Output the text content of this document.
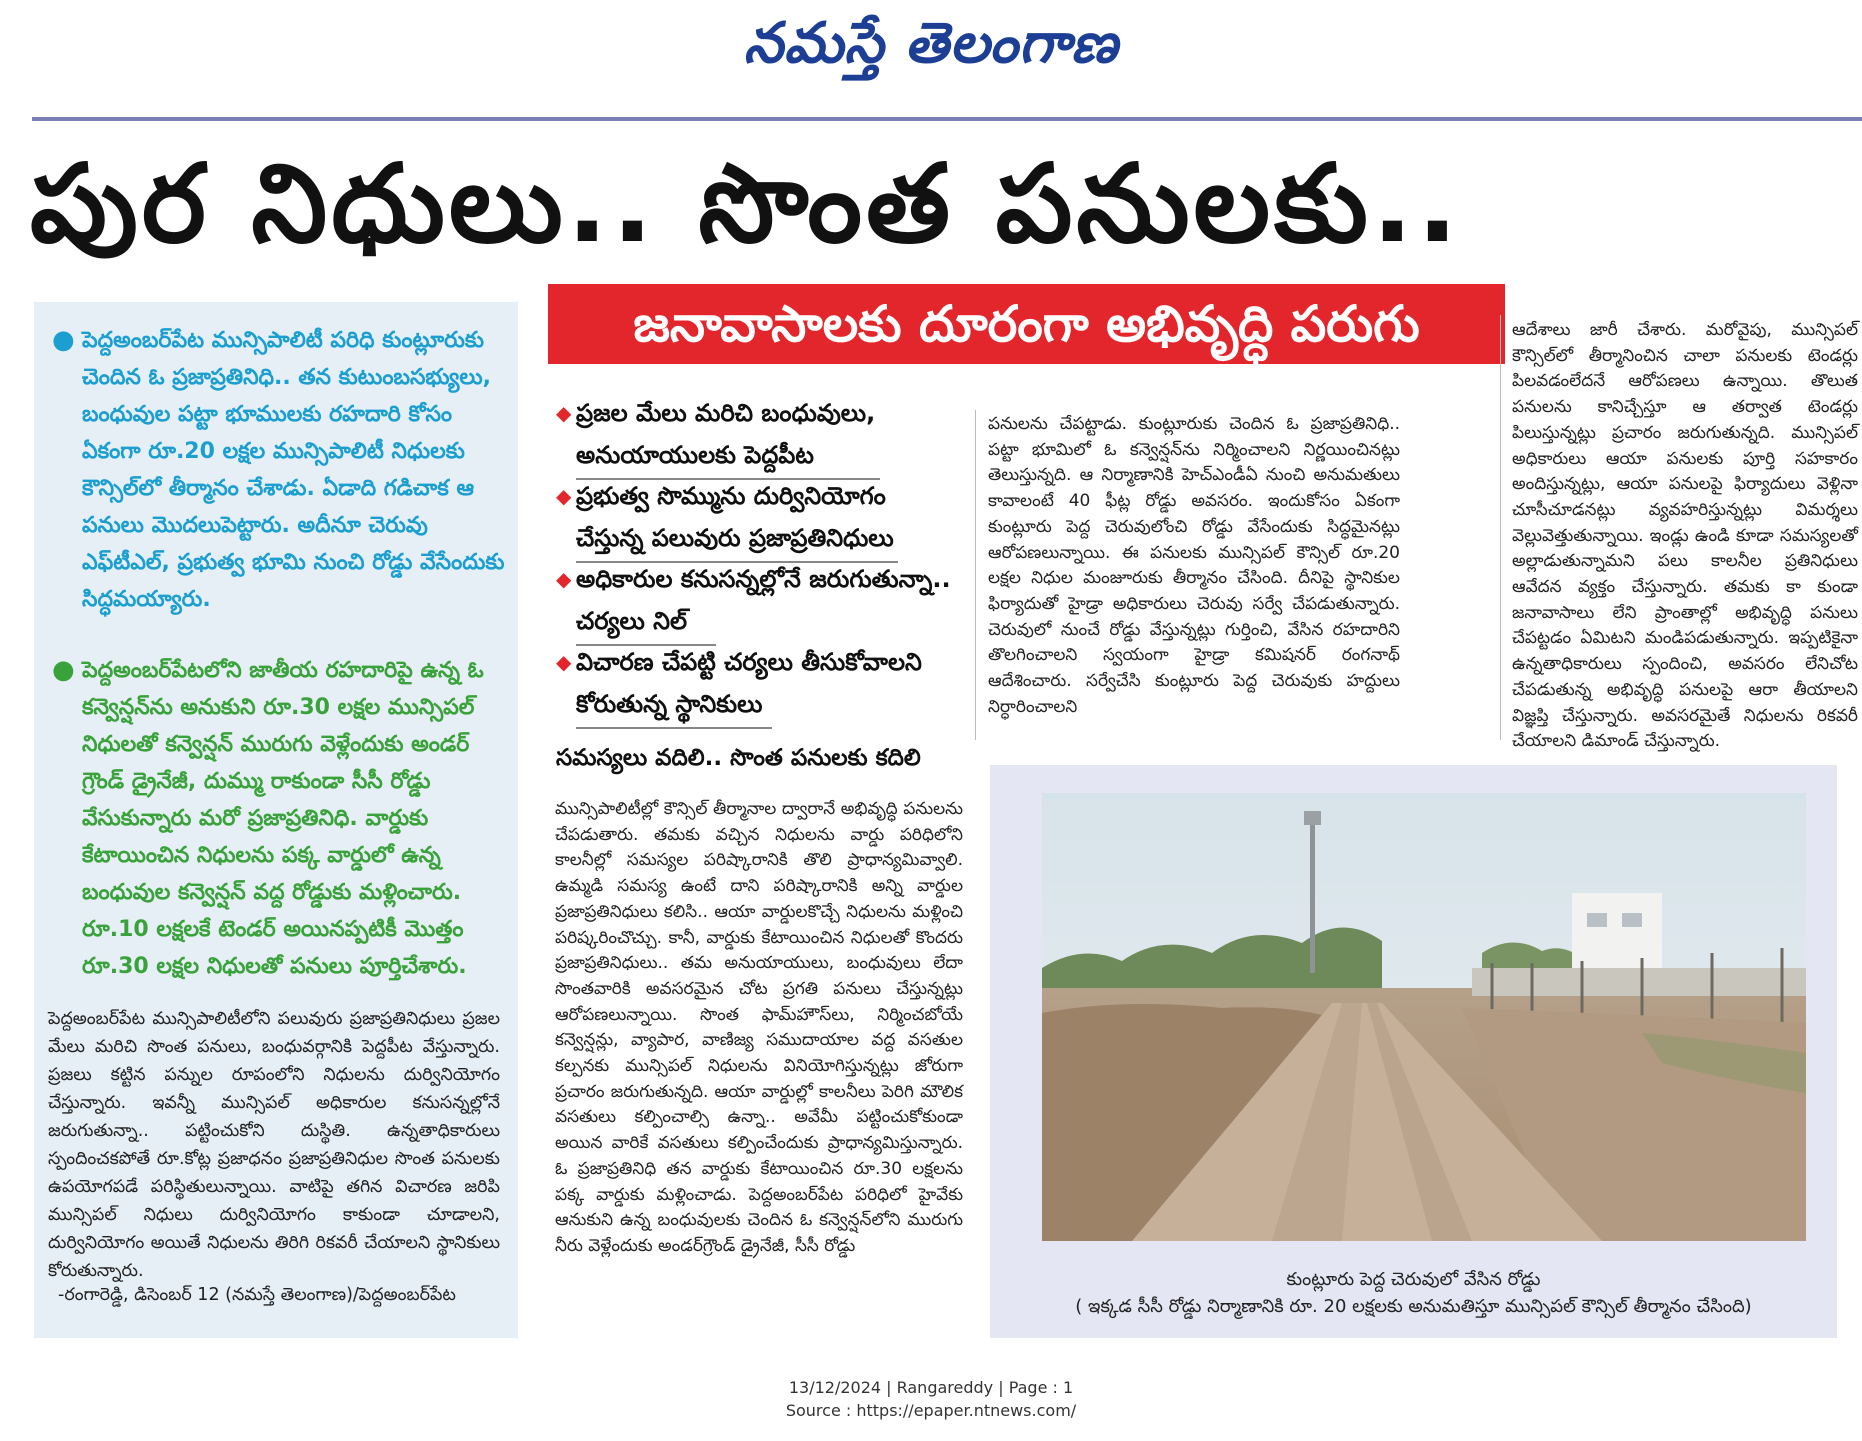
నమస్తే తెలంగాణ
పుర నిధులు.. సొంత పనులకు..
● పెద్దఅంబర్‌పేట మున్సిపాలిటీ పరిధి కుంట్లూరుకు చెందిన ఓ ప్రజాప్రతినిధి.. తన కుటుంబసభ్యులు, బంధువుల పట్టా భూములకు రహదారి కోసం ఏకంగా రూ.20 లక్షల మున్సిపాలిటీ నిధులకు కౌన్సిల్‌లో తీర్మానం చేశాడు. ఏడాది గడిచాక ఆ పనులు మొదలుపెట్టారు. అదీనూ చెరువు ఎఫ్‌టీఎల్, ప్రభుత్వ భూమి నుంచి రోడ్డు వేసేందుకు సిద్ధమయ్యారు.
● పెద్దఅంబర్‌పేటలోని జాతీయ రహదారిపై ఉన్న ఓ కన్వెన్షన్‌ను అనుకుని రూ.30 లక్షల మున్సిపల్ నిధులతో కన్వెన్షన్ మురుగు వెళ్లేందుకు అండర్ గ్రౌండ్ డ్రైనేజీ, దుమ్ము రాకుండా సీసీ రోడ్డు వేసుకున్నారు మరో ప్రజాప్రతినిధి. వార్డుకు కేటాయించిన నిధులను పక్క వార్డులో ఉన్న బంధువుల కన్వెన్షన్ వద్ద రోడ్డుకు మళ్లించారు. రూ.10 లక్షలకే టెండర్ అయినప్పటికీ మొత్తం రూ.30 లక్షల నిధులతో పనులు పూర్తిచేశారు.
పెద్దఅంబర్‌పేట మున్సిపాలిటీలోని పలువురు ప్రజాప్రతినిధులు ప్రజల మేలు మరిచి సొంత పనులు, బంధువర్గానికి పెద్దపీట వేస్తున్నారు. ప్రజలు కట్టిన పన్నుల రూపంలోని నిధులను దుర్వినియోగం చేస్తున్నారు. ఇవన్నీ మున్సిపల్ అధికారుల కనుసన్నల్లోనే జరుగుతున్నా.. పట్టించుకోని దుస్థితి. ఉన్నతాధికారులు స్పందించకపోతే రూ.కోట్ల ప్రజాధనం ప్రజాప్రతినిధుల సొంత పనులకు ఉపయోగపడే పరిస్థితులున్నాయి. వాటిపై తగిన విచారణ జరిపి మున్సిపల్ నిధులు దుర్వినియోగం కాకుండా చూడాలని, దుర్వినియోగం అయితే నిధులను తిరిగి రికవరీ చేయాలని స్థానికులు కోరుతున్నారు.
-రంగారెడ్డి, డిసెంబర్ 12 (నమస్తే తెలంగాణ)/పెద్దఅంబర్‌పేట
జనావాసాలకు దూరంగా అభివృద్ధి పరుగు
◆ ప్రజల మేలు మరిచి బంధువులు, అనుయాయులకు పెద్దపీట
◆ ప్రభుత్వ సొమ్మును దుర్వినియోగం చేస్తున్న పలువురు ప్రజాప్రతినిధులు
◆ అధికారుల కనుసన్నల్లోనే జరుగుతున్నా.. చర్యలు నిల్
◆ విచారణ చేపట్టి చర్యలు తీసుకోవాలని కోరుతున్న స్థానికులు
సమస్యలు వదిలి.. సొంత పనులకు కదిలి
మున్సిపాలిటీల్లో కౌన్సిల్ తీర్మానాల ద్వారానే అభివృద్ధి పనులను చేపడుతారు. తమకు వచ్చిన నిధులను వార్డు పరిధిలోని కాలనీల్లో సమస్యల పరిష్కారానికి తొలి ప్రాధాన్యమివ్వాలి. ఉమ్మడి సమస్య ఉంటే దాని పరిష్కారానికి అన్ని వార్డుల ప్రజాప్రతినిధులు కలిసి.. ఆయా వార్డులకొచ్చే నిధులను మళ్లించి పరిష్కరించొచ్చు. కానీ, వార్డుకు కేటాయించిన నిధులతో కొందరు ప్రజాప్రతినిధులు.. తమ అనుయాయులు, బంధువులు లేదా సొంతవారికి అవసరమైన చోట ప్రగతి పనులు చేస్తున్నట్లు ఆరోపణలున్నాయి. సొంత ఫామ్‌హౌస్‌లు, నిర్మించబోయే కన్వెన్షన్లు, వ్యాపార, వాణిజ్య సముదాయాల వద్ద వసతుల కల్పనకు మున్సిపల్ నిధులను వినియోగిస్తున్నట్లు జోరుగా ప్రచారం జరుగుతున్నది. ఆయా వార్డుల్లో కాలనీలు పెరిగి మౌలిక వసతులు కల్పించాల్సి ఉన్నా.. అవేమీ పట్టించుకోకుండా అయిన వారికే వసతులు కల్పించేందుకు ప్రాధాన్యమిస్తున్నారు. ఓ ప్రజాప్రతినిధి తన వార్డుకు కేటాయించిన రూ.30 లక్షలను పక్క వార్డుకు మళ్లించాడు. పెద్దఅంబర్‌పేట పరిధిలో హైవేకు ఆనుకుని ఉన్న బంధువులకు చెందిన ఓ కన్వెన్షన్‌లోని మురుగు నీరు వెళ్లేందుకు అండర్‌గ్రౌండ్ డ్రైనేజీ, సీసీ రోడ్డు
పనులను చేపట్టాడు. కుంట్లూరుకు చెందిన ఓ ప్రజాప్రతినిధి.. పట్టా భూమిలో ఓ కన్వెన్షన్‌ను నిర్మించాలని నిర్ణయించినట్లు తెలుస్తున్నది. ఆ నిర్మాణానికి హెచ్‌ఎండీఏ నుంచి అనుమతులు కావాలంటే 40 ఫీట్ల రోడ్డు అవసరం. ఇందుకోసం ఏకంగా కుంట్లూరు పెద్ద చెరువులోంచి రోడ్డు వేసేందుకు సిద్ధమైనట్లు ఆరోపణలున్నాయి. ఈ పనులకు మున్సిపల్ కౌన్సిల్ రూ.20 లక్షల నిధుల మంజూరుకు తీర్మానం చేసింది. దీనిపై స్థానికుల ఫిర్యాదుతో హైడ్రా అధికారులు చెరువు సర్వే చేపడుతున్నారు. చెరువులో నుంచే రోడ్డు వేస్తున్నట్లు గుర్తించి, వేసిన రహదారిని తొలగించాలని స్వయంగా హైడ్రా కమిషనర్ రంగనాథ్ ఆదేశించారు. సర్వేచేసి కుంట్లూరు పెద్ద చెరువుకు హద్దులు నిర్ధారించాలని
ఆదేశాలు జారీ చేశారు. మరోవైపు, మున్సిపల్ కౌన్సిల్‌లో తీర్మానించిన చాలా పనులకు టెండర్లు పిలవడంలేదనే ఆరోపణలు ఉన్నాయి. తొలుత పనులను కానిచ్చేస్తూ ఆ తర్వాత టెండర్లు పిలుస్తున్నట్లు ప్రచారం జరుగుతున్నది. మున్సిపల్ అధికారులు ఆయా పనులకు పూర్తి సహకారం అందిస్తున్నట్లు, ఆయా పనులపై ఫిర్యాదులు వెళ్లినా చూసీచూడనట్లు వ్యవహరిస్తున్నట్లు విమర్శలు వెల్లువెత్తుతున్నాయి. ఇండ్లు ఉండి కూడా సమస్యలతో అల్లాడుతున్నామని పలు కాలనీల ప్రతినిధులు ఆవేదన వ్యక్తం చేస్తున్నారు. తమకు కా కుండా జనావాసాలు లేని ప్రాంతాల్లో అభివృద్ధి పనులు చేపట్టడం ఏమిటని మండిపడుతున్నారు. ఇప్పటికైనా ఉన్నతాధికారులు స్పందించి, అవసరం లేనిచోట చేపడుతున్న అభివృద్ధి పనులపై ఆరా తీయాలని విజ్ఞప్తి చేస్తున్నారు. అవసరమైతే నిధులను రికవరీ చేయాలని డిమాండ్ చేస్తున్నారు.
కుంట్లూరు పెద్ద చెరువులో వేసిన రోడ్డు
( ఇక్కడ సీసీ రోడ్డు నిర్మాణానికి రూ. 20 లక్షలకు అనుమతిస్తూ మున్సిపల్ కౌన్సిల్ తీర్మానం చేసింది)
13/12/2024 | Rangareddy | Page : 1
Source : https://epaper.ntnews.com/
